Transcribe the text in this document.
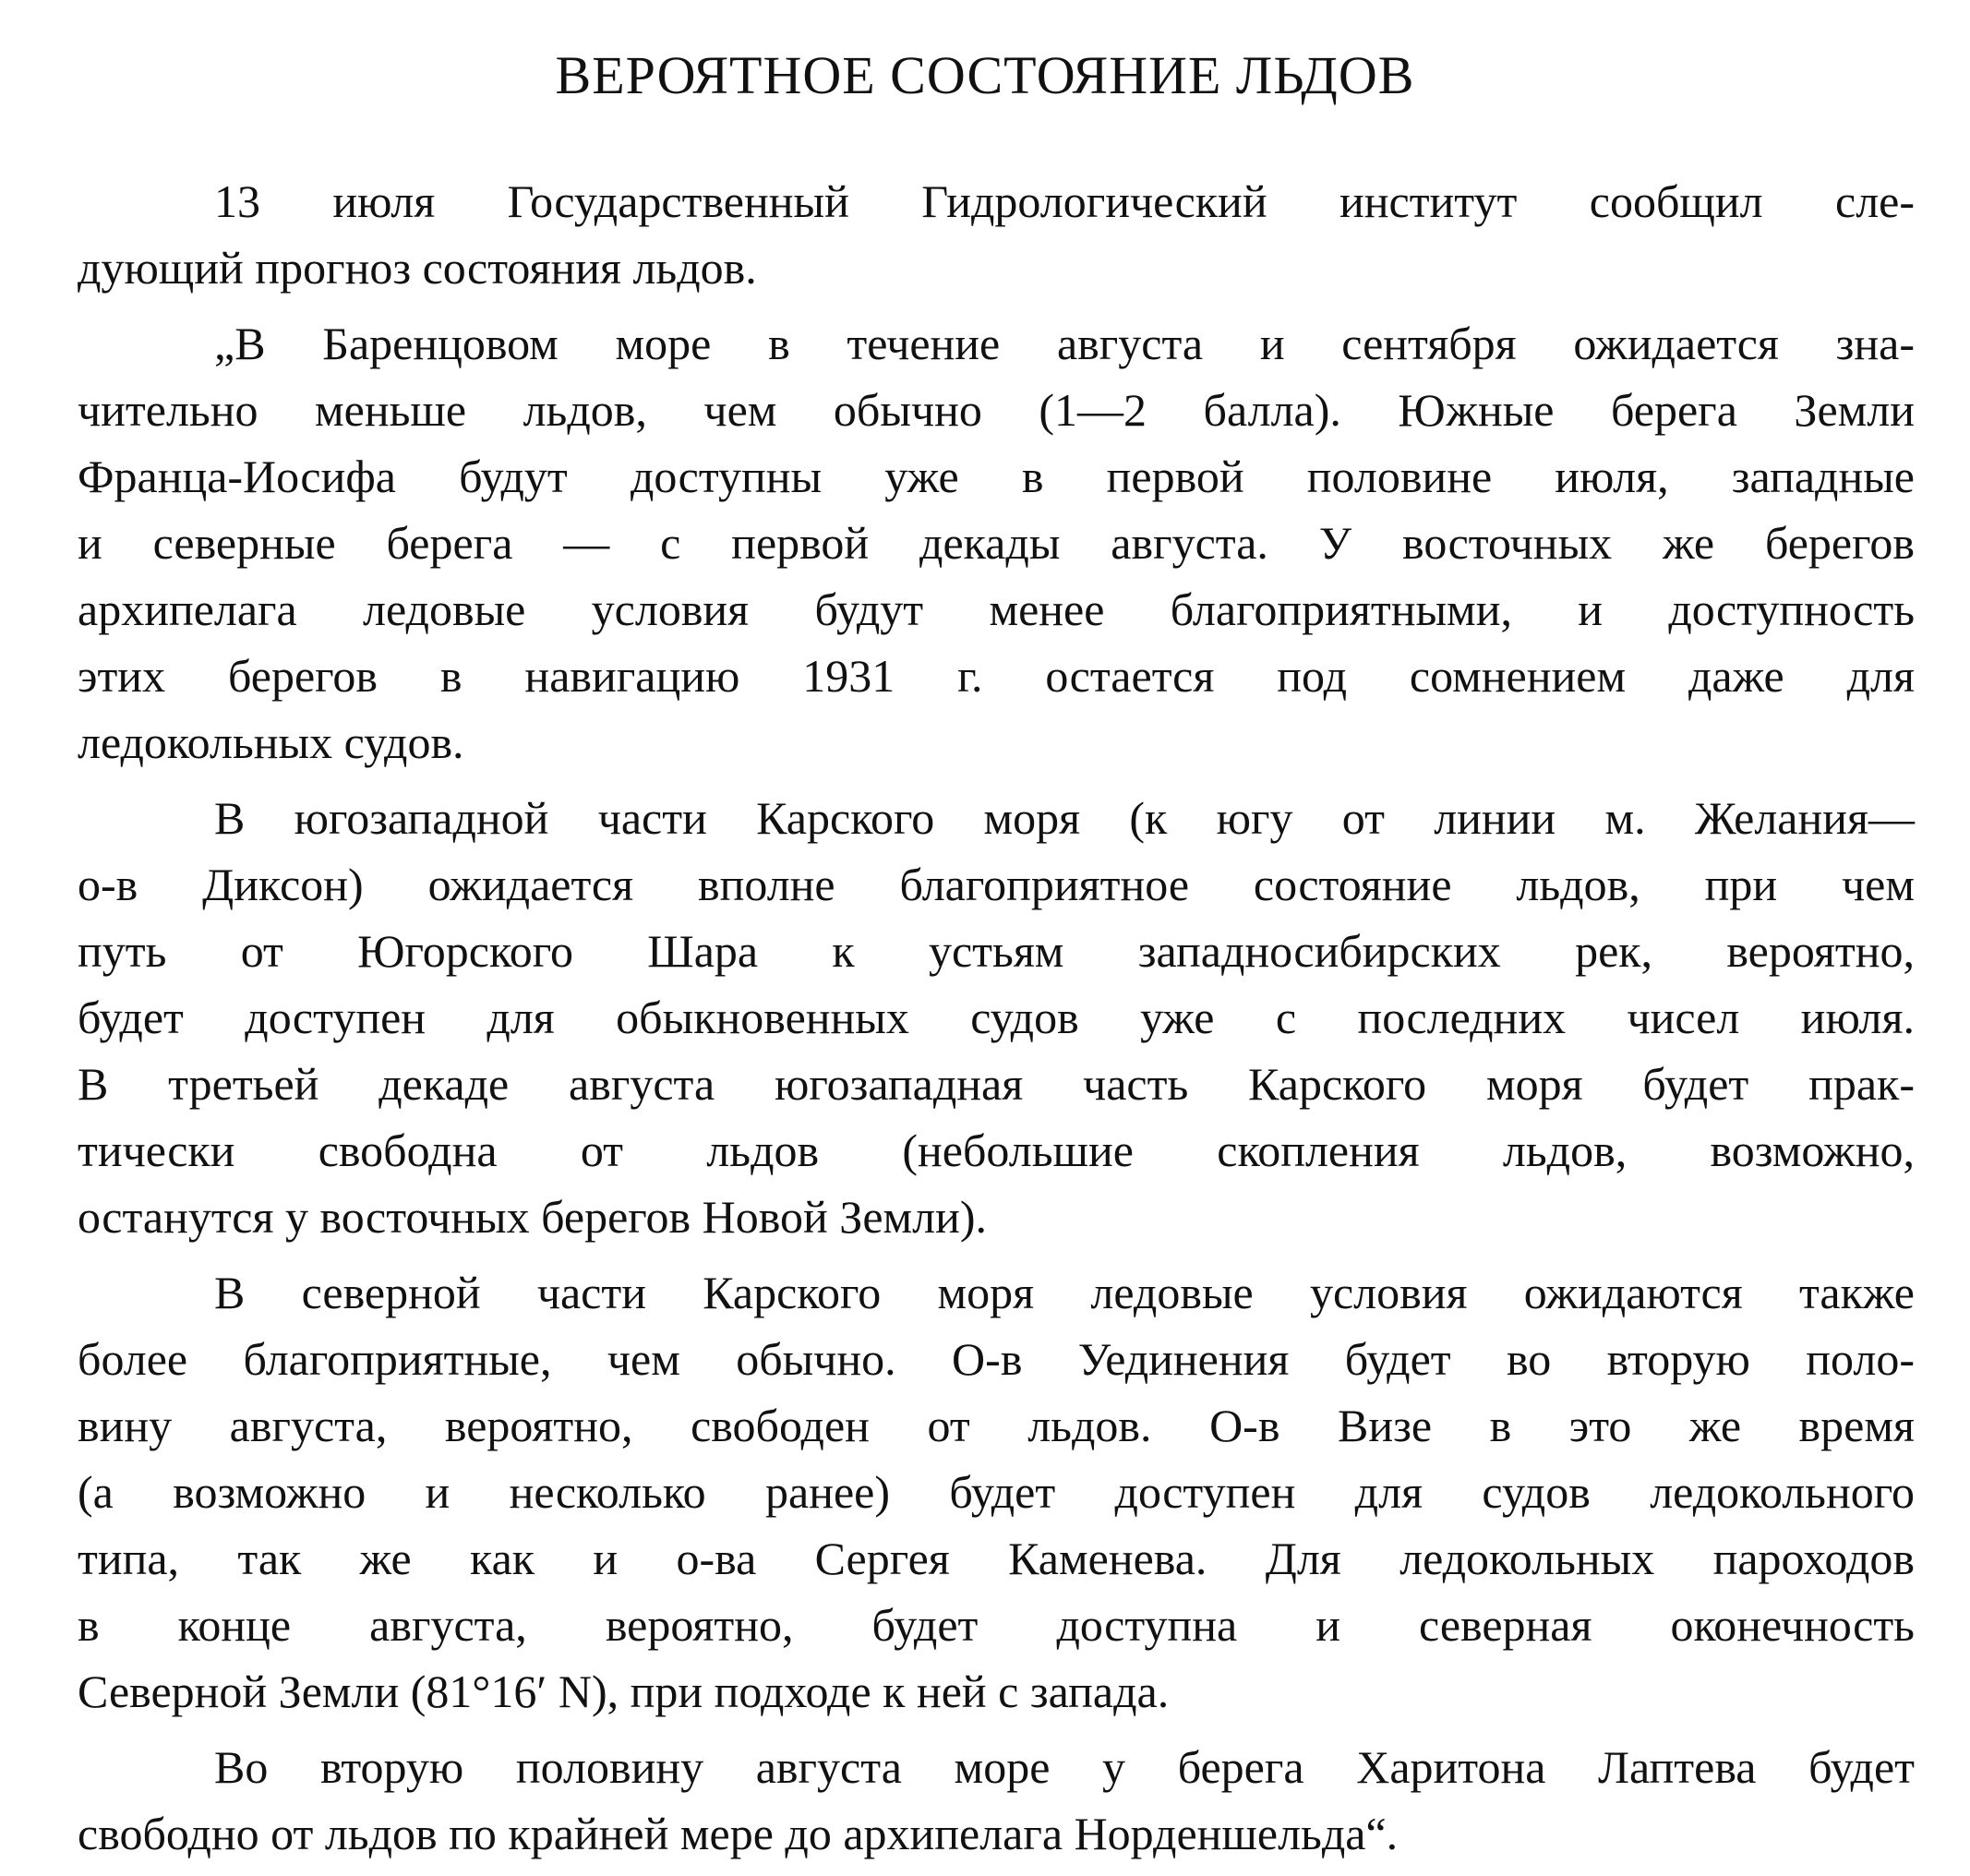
ВЕРОЯТНОЕ СОСТОЯНИЕ ЛЬДОВ
13 июля Государственный Гидрологический институт сообщил сле-
дующий прогноз состояния льдов.
„В Баренцовом море в течение августа и сентября ожидается зна-
чительно меньше льдов, чем обычно (1—2 балла). Южные берега Земли
Франца-Иосифа будут доступны уже в первой половине июля, западные
и северные берега — с первой декады августа. У восточных же берегов
архипелага ледовые условия будут менее благоприятными, и доступность
этих берегов в навигацию 1931 г. остается под сомнением даже для
ледокольных судов.
В югозападной части Карского моря (к югу от линии м. Желания—
о-в Диксон) ожидается вполне благоприятное состояние льдов, при чем
путь от Югорского Шара к устьям западносибирских рек, вероятно,
будет доступен для обыкновенных судов уже с последних чисел июля.
В третьей декаде августа югозападная часть Карского моря будет прак-
тически свободна от льдов (небольшие скопления льдов, возможно,
останутся у восточных берегов Новой Земли).
В северной части Карского моря ледовые условия ожидаются также
более благоприятные, чем обычно. О-в Уединения будет во вторую поло-
вину августа, вероятно, свободен от льдов. О-в Визе в это же время
(а возможно и несколько ранее) будет доступен для судов ледокольного
типа, так же как и о-ва Сергея Каменева. Для ледокольных пароходов
в конце августа, вероятно, будет доступна и северная оконечность
Северной Земли (81°16′ N), при подходе к ней с запада.
Во вторую половину августа море у берега Харитона Лаптева будет
свободно от льдов по крайней мере до архипелага Норденшельда“.
